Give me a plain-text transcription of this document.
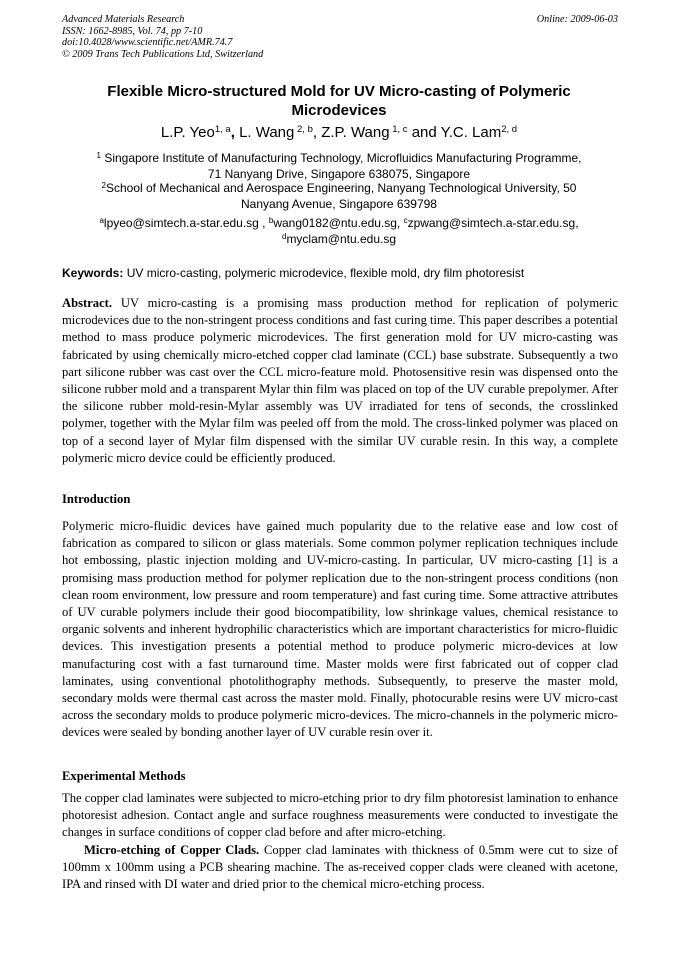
Advanced Materials Research
ISSN: 1662-8985, Vol. 74, pp 7-10
doi:10.4028/www.scientific.net/AMR.74.7
© 2009 Trans Tech Publications Ltd, Switzerland
Online: 2009-06-03
Flexible Micro-structured Mold for UV Micro-casting of Polymeric
Microdevices
L.P. Yeo$^{1, a}$, L. Wang $^{2, b}$, Z.P. Wang $^{1, c}$ and Y.C. Lam$^{2, d}$
$^1$ Singapore Institute of Manufacturing Technology, Microfluidics Manufacturing Programme,
71 Nanyang Drive, Singapore 638075, Singapore
$^2$School of Mechanical and Aerospace Engineering, Nanyang Technological University, 50
Nanyang Avenue, Singapore 639798
$^a$lpyeo@simtech.a-star.edu.sg , $^b$wang0182@ntu.edu.sg, $^c$zpwang@simtech.a-star.edu.sg,
$^d$myclam@ntu.edu.sg
Keywords: UV micro-casting, polymeric microdevice, flexible mold, dry film photoresist
Abstract. UV micro-casting is a promising mass production method for replication of polymeric microdevices due to the non-stringent process conditions and fast curing time. This paper describes a potential method to mass produce polymeric microdevices. The first generation mold for UV micro-casting was fabricated by using chemically micro-etched copper clad laminate (CCL) base substrate. Subsequently a two part silicone rubber was cast over the CCL micro-feature mold. Photosensitive resin was dispensed onto the silicone rubber mold and a transparent Mylar thin film was placed on top of the UV curable prepolymer. After the silicone rubber mold-resin-Mylar assembly was UV irradiated for tens of seconds, the crosslinked polymer, together with the Mylar film was peeled off from the mold. The cross-linked polymer was placed on top of a second layer of Mylar film dispensed with the similar UV curable resin. In this way, a complete polymeric micro device could be efficiently produced.
Introduction
Polymeric micro-fluidic devices have gained much popularity due to the relative ease and low cost of fabrication as compared to silicon or glass materials. Some common polymer replication techniques include hot embossing, plastic injection molding and UV-micro-casting. In particular, UV micro-casting [1] is a promising mass production method for polymer replication due to the non-stringent process conditions (non clean room environment, low pressure and room temperature) and fast curing time. Some attractive attributes of UV curable polymers include their good biocompatibility, low shrinkage values, chemical resistance to organic solvents and inherent hydrophilic characteristics which are important characteristics for micro-fluidic devices. This investigation presents a potential method to produce polymeric micro-devices at low manufacturing cost with a fast turnaround time. Master molds were first fabricated out of copper clad laminates, using conventional photolithography methods. Subsequently, to preserve the master mold, secondary molds were thermal cast across the master mold. Finally, photocurable resins were UV micro-cast across the secondary molds to produce polymeric micro-devices. The micro-channels in the polymeric micro-devices were sealed by bonding another layer of UV curable resin over it.
Experimental Methods
The copper clad laminates were subjected to micro-etching prior to dry film photoresist lamination to enhance photoresist adhesion. Contact angle and surface roughness measurements were conducted to investigate the changes in surface conditions of copper clad before and after micro-etching.
Micro-etching of Copper Clads. Copper clad laminates with thickness of 0.5mm were cut to size of 100mm x 100mm using a PCB shearing machine. The as-received copper clads were cleaned with acetone, IPA and rinsed with DI water and dried prior to the chemical micro-etching process.
